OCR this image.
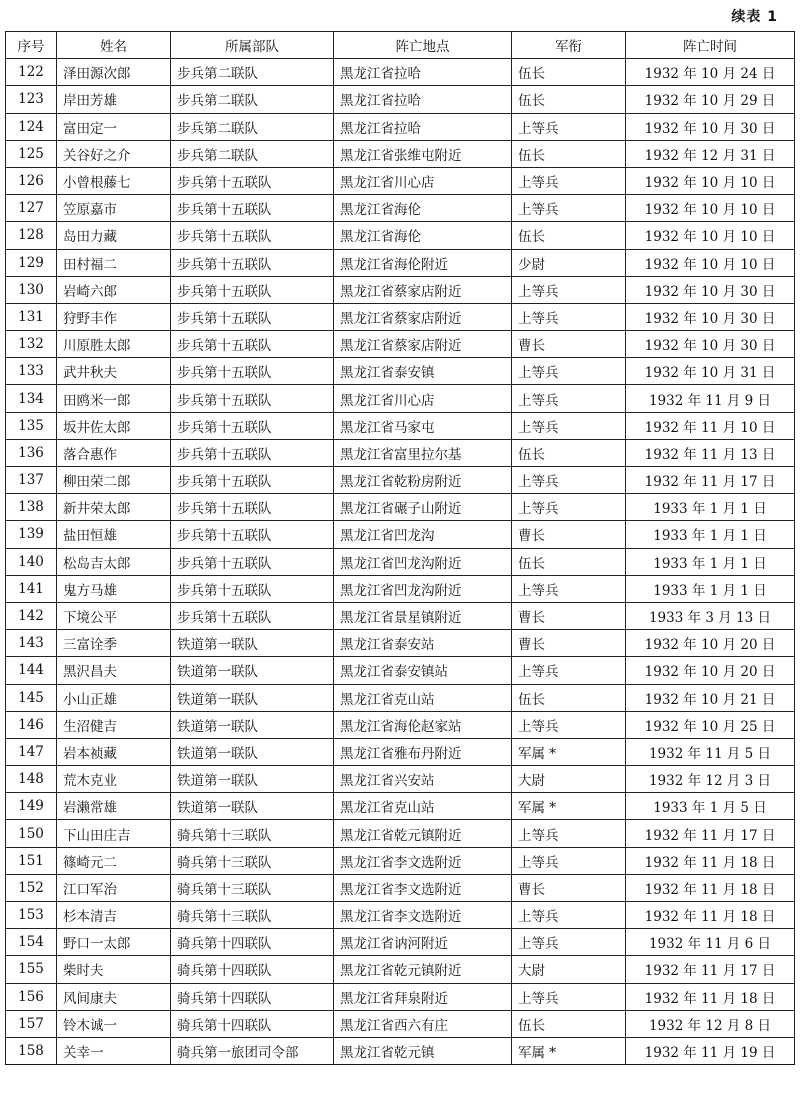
续表 1
序号	姓名	所属部队	阵亡地点	军衔	阵亡时间
122	泽田源次郎	步兵第二联队	黑龙江省拉哈	伍长	1932 年 10 月 24 日
123	岸田芳雄	步兵第二联队	黑龙江省拉哈	伍长	1932 年 10 月 29 日
124	富田定一	步兵第二联队	黑龙江省拉哈	上等兵	1932 年 10 月 30 日
125	关谷好之介	步兵第二联队	黑龙江省张维屯附近	伍长	1932 年 12 月 31 日
126	小曾根藤七	步兵第十五联队	黑龙江省川心店	上等兵	1932 年 10 月 10 日
127	笠原嘉市	步兵第十五联队	黑龙江省海伦	上等兵	1932 年 10 月 10 日
128	岛田力藏	步兵第十五联队	黑龙江省海伦	伍长	1932 年 10 月 10 日
129	田村福二	步兵第十五联队	黑龙江省海伦附近	少尉	1932 年 10 月 10 日
130	岩崎六郎	步兵第十五联队	黑龙江省蔡家店附近	上等兵	1932 年 10 月 30 日
131	狩野丰作	步兵第十五联队	黑龙江省蔡家店附近	上等兵	1932 年 10 月 30 日
132	川原胜太郎	步兵第十五联队	黑龙江省蔡家店附近	曹长	1932 年 10 月 30 日
133	武井秋夫	步兵第十五联队	黑龙江省泰安镇	上等兵	1932 年 10 月 31 日
134	田鸥米一郎	步兵第十五联队	黑龙江省川心店	上等兵	1932 年 11 月 9 日
135	坂井佐太郎	步兵第十五联队	黑龙江省马家屯	上等兵	1932 年 11 月 10 日
136	落合惠作	步兵第十五联队	黑龙江省富里拉尔基	伍长	1932 年 11 月 13 日
137	柳田荣二郎	步兵第十五联队	黑龙江省乾粉房附近	上等兵	1932 年 11 月 17 日
138	新井荣太郎	步兵第十五联队	黑龙江省碾子山附近	上等兵	1933 年 1 月 1 日
139	盐田恒雄	步兵第十五联队	黑龙江省凹龙沟	曹长	1933 年 1 月 1 日
140	松岛吉太郎	步兵第十五联队	黑龙江省凹龙沟附近	伍长	1933 年 1 月 1 日
141	鬼方马雄	步兵第十五联队	黑龙江省凹龙沟附近	上等兵	1933 年 1 月 1 日
142	下境公平	步兵第十五联队	黑龙江省景星镇附近	曹长	1933 年 3 月 13 日
143	三富诠季	铁道第一联队	黑龙江省泰安站	曹长	1932 年 10 月 20 日
144	黑沢昌夫	铁道第一联队	黑龙江省泰安镇站	上等兵	1932 年 10 月 20 日
145	小山正雄	铁道第一联队	黑龙江省克山站	伍长	1932 年 10 月 21 日
146	生沼健吉	铁道第一联队	黑龙江省海伦赵家站	上等兵	1932 年 10 月 25 日
147	岩本祯藏	铁道第一联队	黑龙江省雅布丹附近	军属 *	1932 年 11 月 5 日
148	荒木克业	铁道第一联队	黑龙江省兴安站	大尉	1932 年 12 月 3 日
149	岩濑常雄	铁道第一联队	黑龙江省克山站	军属 *	1933 年 1 月 5 日
150	下山田庄吉	骑兵第十三联队	黑龙江省乾元镇附近	上等兵	1932 年 11 月 17 日
151	篠崎元二	骑兵第十三联队	黑龙江省李文选附近	上等兵	1932 年 11 月 18 日
152	江口军治	骑兵第十三联队	黑龙江省李文选附近	曹长	1932 年 11 月 18 日
153	杉本清吉	骑兵第十三联队	黑龙江省李文选附近	上等兵	1932 年 11 月 18 日
154	野口一太郎	骑兵第十四联队	黑龙江省讷河附近	上等兵	1932 年 11 月 6 日
155	柴时夫	骑兵第十四联队	黑龙江省乾元镇附近	大尉	1932 年 11 月 17 日
156	风间康夫	骑兵第十四联队	黑龙江省拜泉附近	上等兵	1932 年 11 月 18 日
157	铃木诚一	骑兵第十四联队	黑龙江省西六有庄	伍长	1932 年 12 月 8 日
158	关幸一	骑兵第一旅团司令部	黑龙江省乾元镇	军属 *	1932 年 11 月 19 日
